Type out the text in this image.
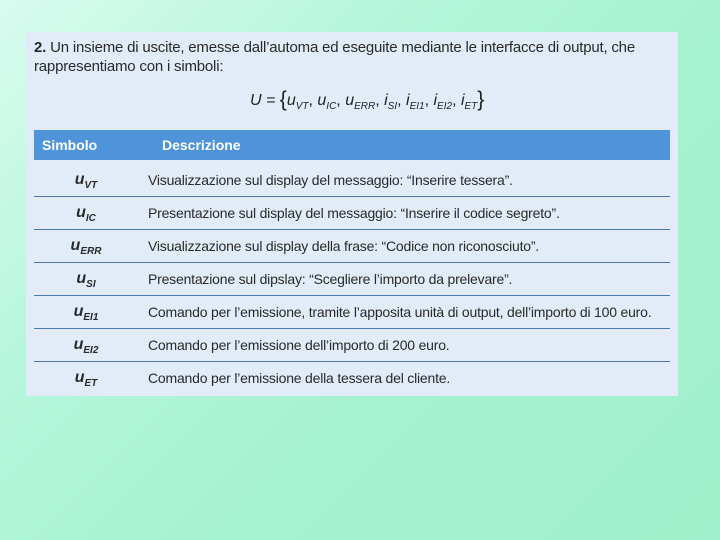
2. Un insieme di uscite, emesse dall’automa ed eseguite mediante le interfacce di output, che rappresentiamo con i simboli:
$U = \{u_{VT}$, $u_{IC}$, $u_{ERR}$, $i_{SI}$, $i_{EI1}$, $i_{EI2}$, $i_{ET}$}
Simbolo	Descrizione
$u_{VT}$	Visualizzazione sul display del messaggio: “Inserire tessera”.
$u_{IC}$	Presentazione sul display del messaggio: “Inserire il codice segreto”.
$u_{ERR}$	Visualizzazione sul display della frase: “Codice non riconosciuto”.
$u_{SI}$	Presentazione sul dipslay: “Scegliere l’importo da prelevare”.
$u_{EI1}$	Comando per l’emissione, tramite l’apposita unità di output, dell’importo di 100 euro.
$u_{EI2}$	Comando per l’emissione dell’importo di 200 euro.
$u_{ET}$	Comando per l’emissione della tessera del cliente.
